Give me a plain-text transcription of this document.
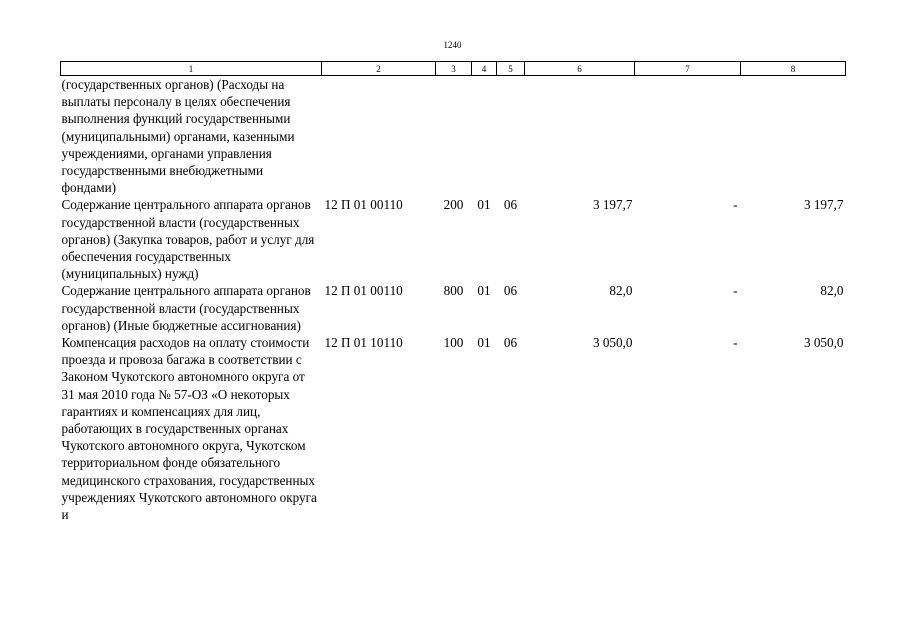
1240
1	2	3	4	5	6	7	8
(государственных органов) (Расходы на выплаты персоналу в целях обеспечения выполнения функций государственными (муниципальными) органами, казенными учреждениями, органами управления государственными внебюджетными фондами)							
Содержание центрального аппарата органов государственной власти (государственных органов) (Закупка товаров, работ и услуг для обеспечения государственных (муниципальных) нужд)	12 П 01 00110	200	01	06	3 197,7	-	3 197,7
Содержание центрального аппарата органов государственной власти (государственных органов) (Иные бюджетные ассигнования)	12 П 01 00110	800	01	06	82,0	-	82,0
Компенсация расходов на оплату стоимости проезда и провоза багажа в соответствии с Законом Чукотского автономного округа от 31 мая 2010 года № 57-ОЗ «О некоторых гарантиях и компенсациях для лиц, работающих в государственных органах Чукотского автономного округа, Чукотском территориальном фонде обязательного медицинского страхования, государственных учреждениях Чукотского автономного округа и	12 П 01 10110	100	01	06	3 050,0	-	3 050,0
